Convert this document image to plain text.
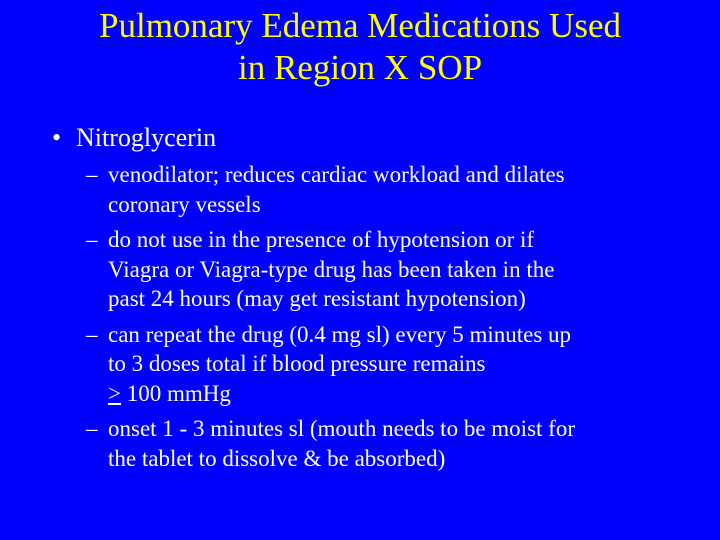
Pulmonary Edema Medications Used
in Region X SOP
• Nitroglycerin
– venodilator; reduces cardiac workload and dilates
coronary vessels
– do not use in the presence of hypotension or if
Viagra or Viagra-type drug has been taken in the
past 24 hours (may get resistant hypotension)
– can repeat the drug (0.4 mg sl) every 5 minutes up
to 3 doses total if blood pressure remains
≥ 100 mmHg
– onset 1 - 3 minutes sl (mouth needs to be moist for
the tablet to dissolve & be absorbed)
